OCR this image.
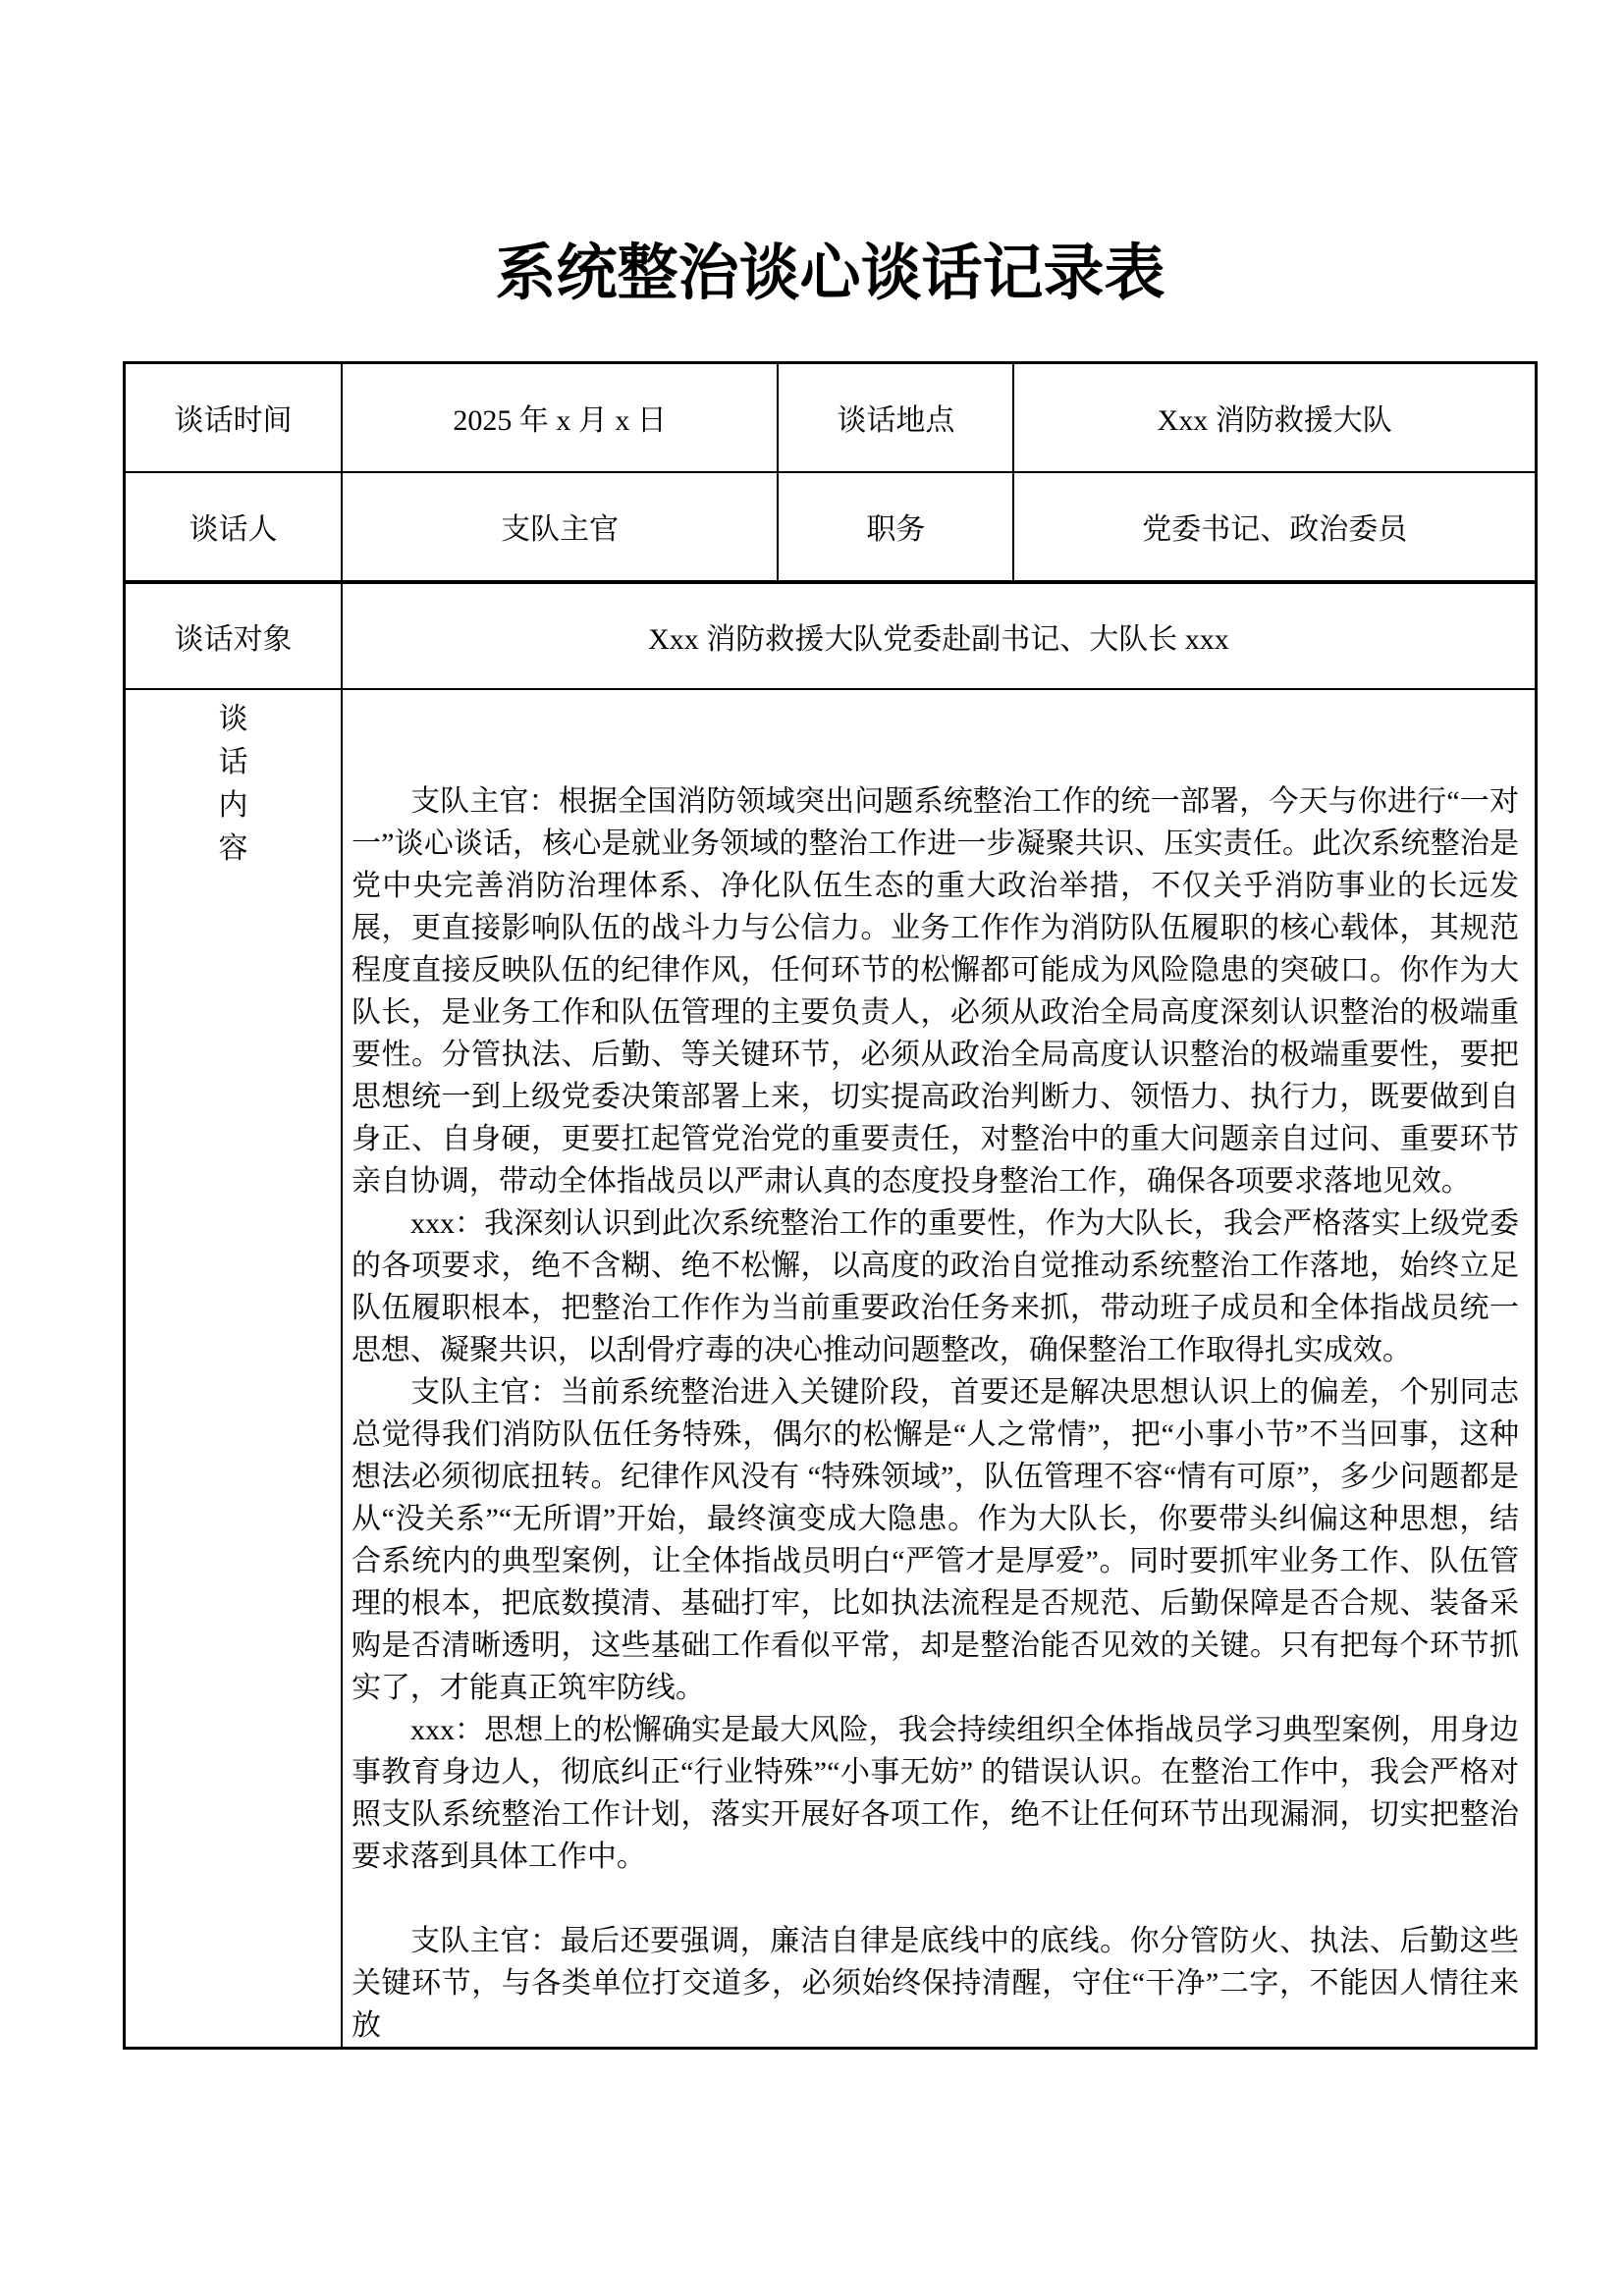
系统整治谈心谈话记录表
谈话时间	2025 年 x 月 x 日	谈话地点	Xxx 消防救援大队
谈话人	支队主官	职务	党委书记、政治委员
谈话对象	Xxx 消防救援大队党委赴副书记、大队长 xxx		

谈
话
内
容

支队主官：根据全国消防领域突出问题系统整治工作的统一部署，今天与你进行“一对一”谈心谈话，核心是就业务领域的整治工作进一步凝聚共识、压实责任。此次系统整治是党中央完善消防治理体系、净化队伍生态的重大政治举措，不仅关乎消防事业的长远发展，更直接影响队伍的战斗力与公信力。业务工作作为消防队伍履职的核心载体，其规范程度直接反映队伍的纪律作风，任何环节的松懈都可能成为风险隐患的突破口。你作为大队长，是业务工作和队伍管理的主要负责人，必须从政治全局高度深刻认识整治的极端重要性。分管执法、后勤、等关键环节，必须从政治全局高度认识整治的极端重要性，要把思想统一到上级党委决策部署上来，切实提高政治判断力、领悟力、执行力，既要做到自身正、自身硬，更要扛起管党治党的重要责任，对整治中的重大问题亲自过问、重要环节亲自协调，带动全体指战员以严肃认真的态度投身整治工作，确保各项要求落地见效。

xxx：我深刻认识到此次系统整治工作的重要性，作为大队长，我会严格落实上级党委的各项要求，绝不含糊、绝不松懈，以高度的政治自觉推动系统整治工作落地，始终立足队伍履职根本，把整治工作作为当前重要政治任务来抓，带动班子成员和全体指战员统一思想、凝聚共识，以刮骨疗毒的决心推动问题整改，确保整治工作取得扎实成效。

支队主官：当前系统整治进入关键阶段，首要还是解决思想认识上的偏差，个别同志总觉得我们消防队伍任务特殊，偶尔的松懈是“人之常情”，把“小事小节”不当回事，这种想法必须彻底扭转。纪律作风没有 “特殊领域”，队伍管理不容“情有可原”，多少问题都是从“没关系”“无所谓”开始，最终演变成大隐患。作为大队长，你要带头纠偏这种思想，结合系统内的典型案例，让全体指战员明白“严管才是厚爱”。同时要抓牢业务工作、队伍管理的根本，把底数摸清、基础打牢，比如执法流程是否规范、后勤保障是否合规、装备采购是否清晰透明，这些基础工作看似平常，却是整治能否见效的关键。只有把每个环节抓实了，才能真正筑牢防线。

xxx：思想上的松懈确实是最大风险，我会持续组织全体指战员学习典型案例，用身边事教育身边人，彻底纠正“行业特殊”“小事无妨” 的错误认识。在整治工作中，我会严格对照支队系统整治工作计划，落实开展好各项工作，绝不让任何环节出现漏洞，切实把整治要求落到具体工作中。

支队主官：最后还要强调，廉洁自律是底线中的底线。你分管防火、执法、后勤这些关键环节，与各类单位打交道多，必须始终保持清醒，守住“干净”二字，不能因人情往来放
